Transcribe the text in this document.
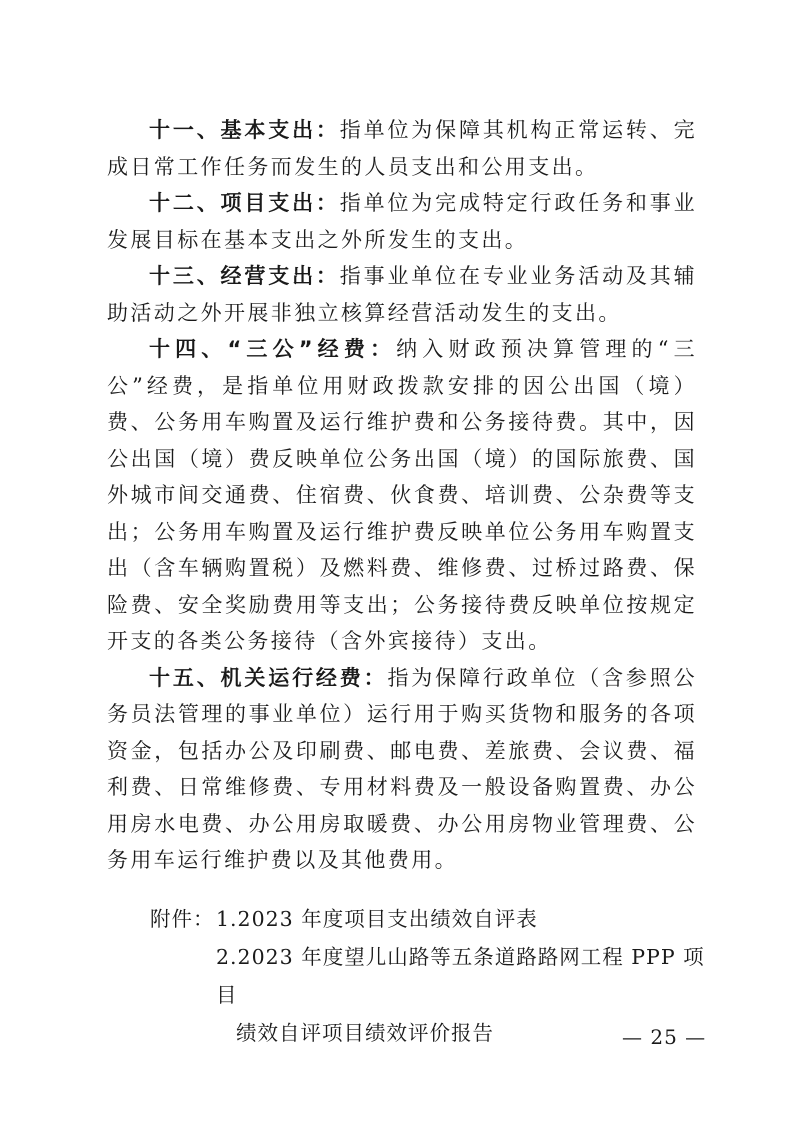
十一、基本支出：指单位为保障其机构正常运转、完成日常工作任务而发生的人员支出和公用支出。

十二、项目支出：指单位为完成特定行政任务和事业发展目标在基本支出之外所发生的支出。

十三、经营支出：指事业单位在专业业务活动及其辅助活动之外开展非独立核算经营活动发生的支出。

十四、“三公”经费：纳入财政预决算管理的“三公”经费，是指单位用财政拨款安排的因公出国（境）费、公务用车购置及运行维护费和公务接待费。其中，因公出国（境）费反映单位公务出国（境）的国际旅费、国外城市间交通费、住宿费、伙食费、培训费、公杂费等支出；公务用车购置及运行维护费反映单位公务用车购置支出（含车辆购置税）及燃料费、维修费、过桥过路费、保险费、安全奖励费用等支出；公务接待费反映单位按规定开支的各类公务接待（含外宾接待）支出。

十五、机关运行经费：指为保障行政单位（含参照公务员法管理的事业单位）运行用于购买货物和服务的各项资金，包括办公及印刷费、邮电费、差旅费、会议费、福利费、日常维修费、专用材料费及一般设备购置费、办公用房水电费、办公用房取暖费、办公用房物业管理费、公务用车运行维护费以及其他费用。

附件： 1.2023 年度项目支出绩效自评表

2.2023 年度望儿山路等五条道路路网工程 PPP 项目

绩效自评项目绩效评价报告	— 25 —
